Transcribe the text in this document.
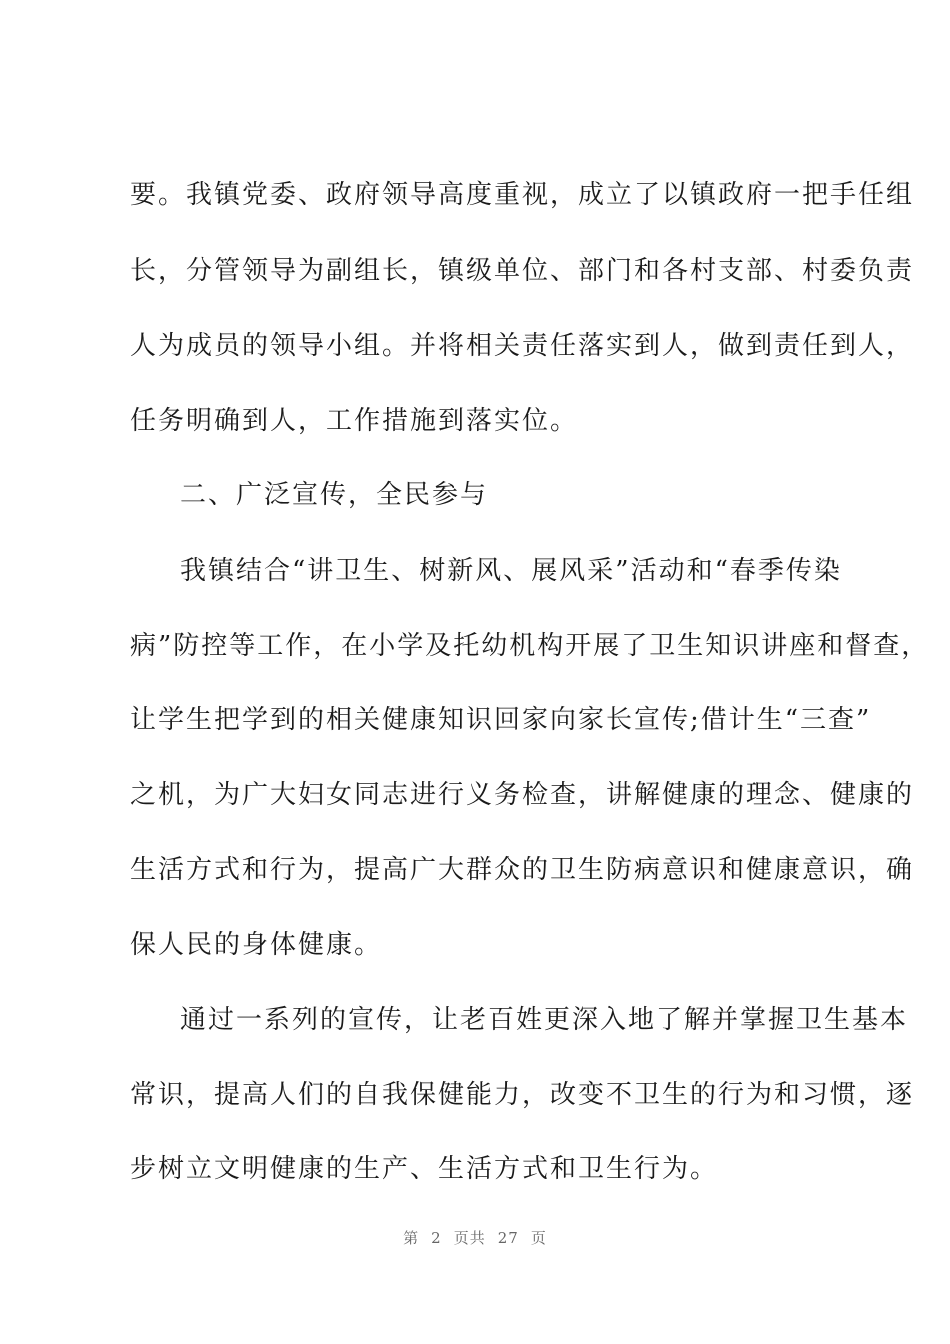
要。我镇党委、政府领导高度重视，成立了以镇政府一把手任组
长，分管领导为副组长，镇级单位、部门和各村支部、村委负责
人为成员的领导小组。并将相关责任落实到人，做到责任到人，
任务明确到人，工作措施到落实位。
二、广泛宣传，全民参与
我镇结合“讲卫生、树新风、展风采”活动和“春季传染
病”防控等工作，在小学及托幼机构开展了卫生知识讲座和督查，
让学生把学到的相关健康知识回家向家长宣传;借计生“三查”
之机，为广大妇女同志进行义务检查，讲解健康的理念、健康的
生活方式和行为，提高广大群众的卫生防病意识和健康意识，确
保人民的身体健康。
通过一系列的宣传，让老百姓更深入地了解并掌握卫生基本
常识，提高人们的自我保健能力，改变不卫生的行为和习惯，逐
步树立文明健康的生产、生活方式和卫生行为。
第 2 页共 27 页
